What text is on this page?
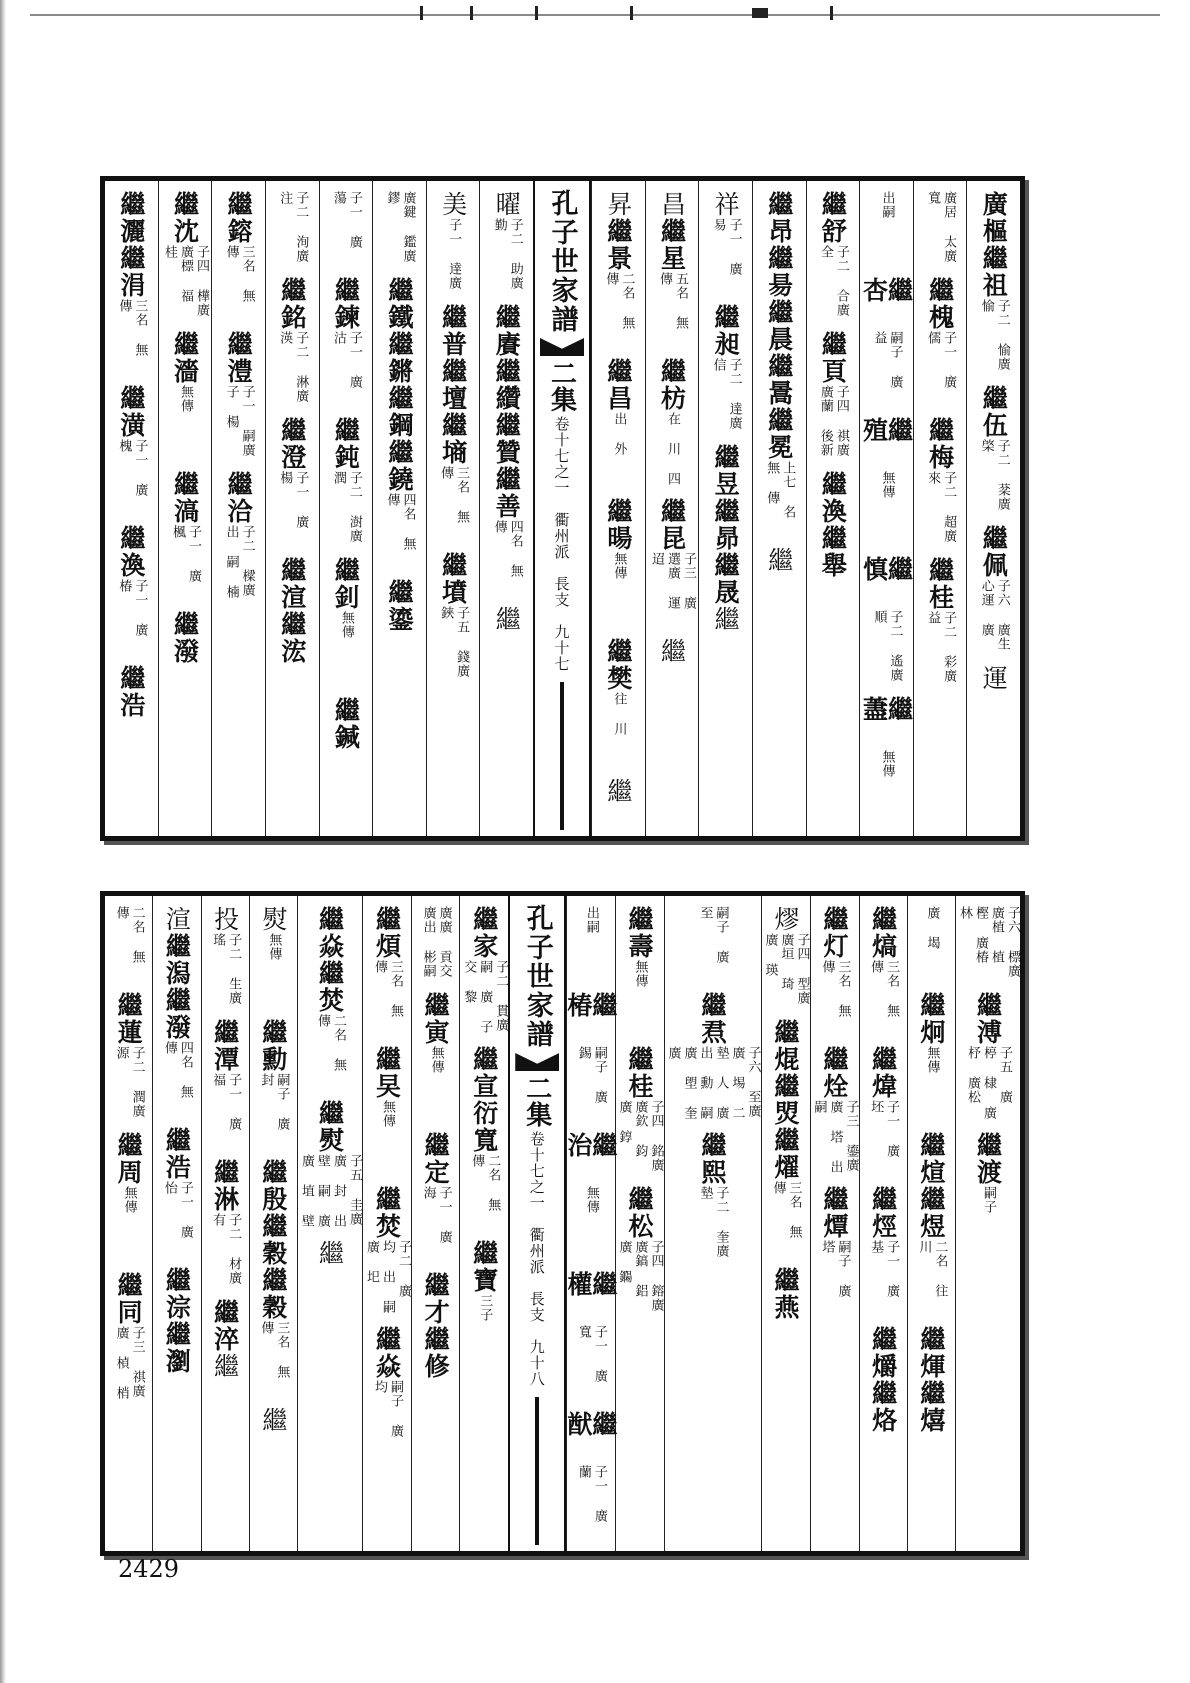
廣樞
繼祖
子二 愉廣 愉
繼伍
子二 棻廣 棨
繼佩
子六 廣生 心運 廣
運
廣居 太廣 寬
繼槐
子一 廣 儒
繼梅
子二 超廣 來
繼桂
子二 彩廣 益
出嗣
繼杏
嗣子 廣 益
繼殖
無傳
繼慎
子二 遙廣 順
繼藎
無傳
繼舒
子二 合廣 全
繼頁
子四 祺廣 廣蘭 後新
繼渙
繼舉
繼昂
繼昜
繼晨
繼暠
繼冕
上七 名 無 傳
繼
祥
子一 廣 易
繼昶
子二 達廣 信
繼昱
繼昴
繼晟
繼
昌
繼星
五名 無 傳
繼枋
在 川 四
繼昆
子三 廣 選廣 運 迢
繼
昇
繼景
二名 無 傳
繼昌
出 外
繼暘
無傳
繼樊
往 川
繼
孔子世家譜
二集
卷十七之一　衢州派　長支　九十七
曜
子二 助廣 勤
繼賡
繼纘
繼贊
繼善
四名 無 傳
繼
美
子一 達廣
繼普
繼壇
繼墒
三名 無 傳
繼墳
子五 錢廣 鋏
廣鍵 鑑廣 鏐
繼鐵
繼鏘
繼鋼
繼鐃
四名 無 傳
繼鎏
子一 廣 蕩
繼鍊
子一 廣 沽
繼鈍
子二 澍廣 潤
繼釗
無傳
繼鍼
子二 洵廣 注
繼銘
子二 淋廣 渶
繼澄
子一 廣 楊
繼渲
繼浤
繼鎔
三名 無 傳
繼澧
子一 嗣廣 子 楊
繼洽
子二 樑廣 出 嗣 楠
繼沈
子四 樺廣 廣標 福 桂
繼濇
無傳
繼滈
子一 廣 楓
繼潑
繼灑
繼涓
三名 無 傳
繼潢
子一 廣 槐
繼渙
子一 廣 椿
繼浩
子六 標廣 廣植 植 樫 廣椿 林
繼溥
子五 廣 楟 棣 廣杼 廣松
繼渡
嗣子
廣 堨
繼炯
無傳
繼煊
繼煜
二名 往 川
繼煇
繼熺
繼熇
三名 無 傳
繼煒
子一 廣 坯
繼烴
子一 廣 基
繼爝
繼烙
繼灯
三名 無 傳
繼烇
子三 鎏廣 廣 塔 出 嗣
繼燂
嗣子 廣 塔
熮
子四 型廣 廣垣 琦 廣 瑛
繼焜
繼焽
繼燿
三名 無 傳
繼燕
嗣子 廣 至
繼焄
子六 至廣 廣 埸 二 墊 人 廣 出 勳 嗣 廣 塱 奎 廣
繼熙
子二 奎廣 墊
繼壽
無傳
繼桂
子四 銘廣 廣欽 鈞 廣 錞
繼松
子四 鎔廣 廣鎬 鋁 廣 鐊
出嗣
繼椿
嗣子 廣 錫
繼治
無傳
繼權
子一 廣 寬
繼猷
子一 廣 蘭
孔子世家譜
二集
卷十七之一　衢州派　長支　九十八
繼家
子二 貫廣 嗣 廣 子 交 黎
繼宣
衍寬
二名 無 傳
繼寶
三子
廣廣 貢交 廣出 彬嗣
繼寅
無傳
繼定
子一 廣 海
繼才
繼修
繼煩
三名 無 傳
繼旲
無傳
繼焚
子二 廣 均 出 嗣 廣 圯
繼焱
嗣子 廣 均
繼焱
繼焚
二名 無 傳
繼熨
子五 圭廣 廣 封 出 壁 嗣 廣 廣 埴 壁
繼
熨
無傳
繼勳
嗣子 廣 封
繼殷
繼穀
繼穀
三名 無 傳
繼
投
子二 生廣 瑤
繼潭
子一 廣 福
繼淋
子二 材廣 有
繼淬
繼
渲
繼潟
繼潑
四名 無 傳
繼浩
子一 廣 怡
繼淙
繼瀏
二名 無 傳
繼蓮
子二 潤廣 源
繼周
無傳
繼同
子三 祺廣 廣 楨 梢
2429
